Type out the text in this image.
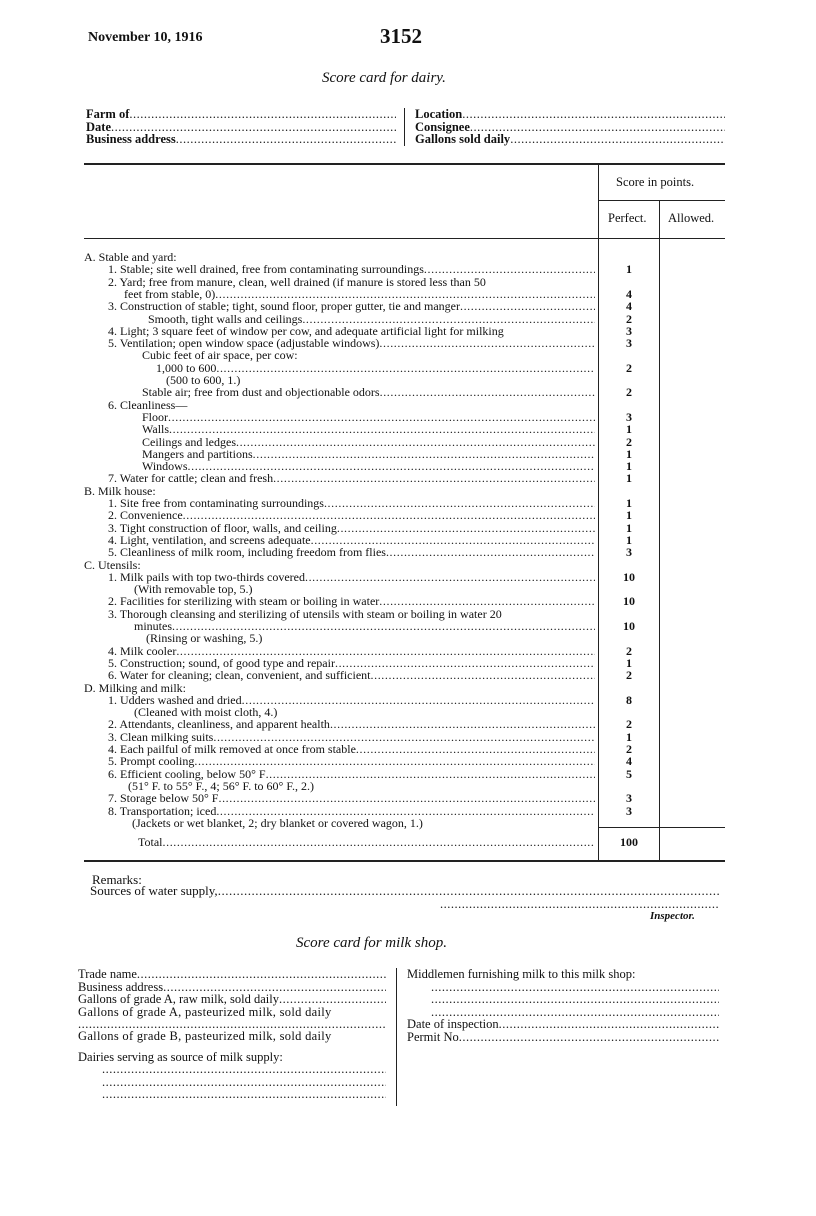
November 10, 1916	3152
Score card for dairy.
Farm of
.....
Date
.....
Business address
.....
Location
.....
Consignee
.....
Gallons sold daily
.....
Score in points.
Perfect. Allowed.
A. Stable and yard:
1. Stable; site well drained, free from contaminating surroundings .....	1
2. Yard; free from manure, clean, well drained (if manure is stored less than 50
feet from stable, 0) .....	4
3. Construction of stable; tight, sound floor, proper gutter, tie and manger .....	4
Smooth, tight walls and ceilings .....	2
4. Light; 3 square feet of window per cow, and adequate artificial light for milking	3
5. Ventilation; open window space (adjustable windows) .....	3
Cubic feet of air space, per cow:
1,000 to 600 .....	2
(500 to 600, 1.)
Stable air; free from dust and objectionable odors .....	2
6. Cleanliness—
Floor .....	3
Walls .....	1
Ceilings and ledges .....	2
Mangers and partitions .....	1
Windows .....	1
7. Water for cattle; clean and fresh .....	1
B. Milk house:
1. Site free from contaminating surroundings .....	1
2. Convenience .....	1
3. Tight construction of floor, walls, and ceiling .....	1
4. Light, ventilation, and screens adequate .....	1
5. Cleanliness of milk room, including freedom from flies .....	3
C. Utensils:
1. Milk pails with top two-thirds covered .....	10
(With removable top, 5.)
2. Facilities for sterilizing with steam or boiling in water .....	10
3. Thorough cleansing and sterilizing of utensils with steam or boiling in water 20
minutes .....	10
(Rinsing or washing, 5.)
4. Milk cooler .....	2
5. Construction; sound, of good type and repair .....	1
6. Water for cleaning; clean, convenient, and sufficient .....	2
D. Milking and milk:
1. Udders washed and dried .....	8
(Cleaned with moist cloth, 4.)
2. Attendants, cleanliness, and apparent health .....	2
3. Clean milking suits .....	1
4. Each pailful of milk removed at once from stable .....	2
5. Prompt cooling .....	4
6. Efficient cooling, below 50° F .....	5
(51° F. to 55° F., 4; 56° F. to 60° F., 2.)
7. Storage below 50° F .....	3
8. Transportation; iced .....	3
(Jackets or wet blanket, 2; dry blanket or covered wagon, 1.)
Total .....	100
Remarks:
Sources of water supply,
.....
.....
Inspector.
Score card for milk shop.
Trade name
.....
Business address
.....
Gallons of grade A, raw milk, sold daily
.....
Gallons of grade A, pasteurized milk, sold daily
.....
Gallons of grade B, pasteurized milk, sold daily
Dairies serving as source of milk supply:
.....
.....
.....
Middlemen furnishing milk to this milk shop:
.....
.....
.....
Date of inspection
.....
Permit No
.....
